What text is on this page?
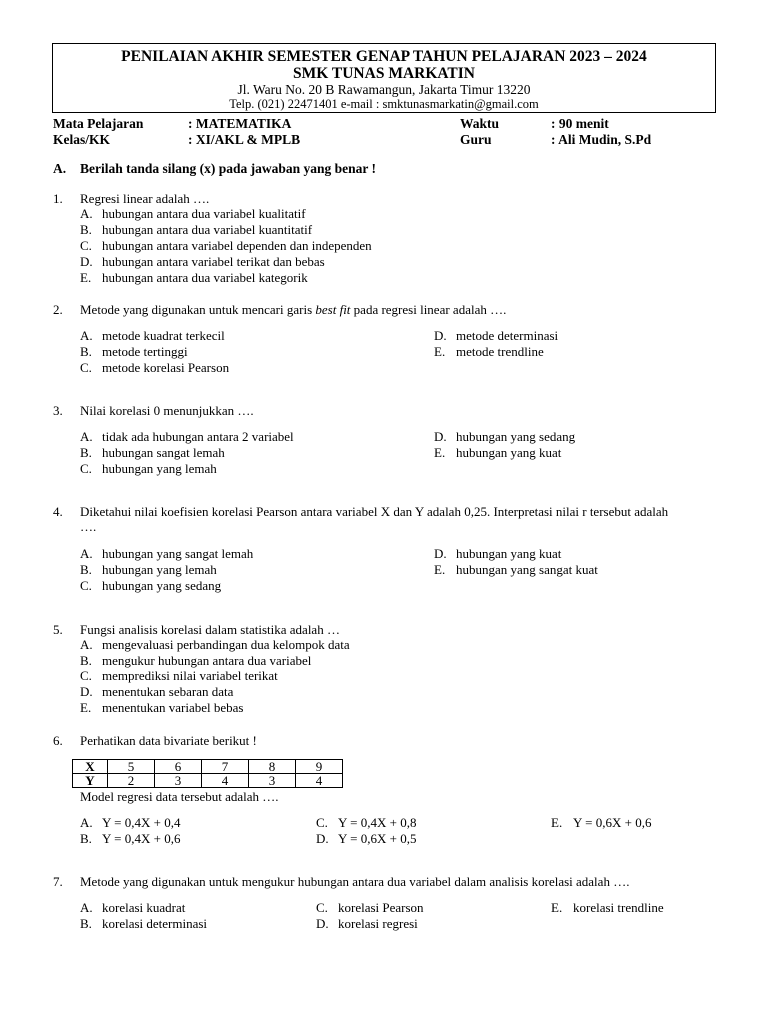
PENILAIAN AKHIR SEMESTER GENAP TAHUN PELAJARAN 2023 – 2024
SMK TUNAS MARKATIN
Jl. Waru No. 20 B Rawamangun, Jakarta Timur 13220
Telp. (021) 22471401 e-mail : smktunasmarkatin@gmail.com
Mata Pelajaran	: MATEMATIKA	Waktu	: 90 menit
Kelas/KK	: XI/AKL & MPLB	Guru	: Ali Mudin, S.Pd
A. Berilah tanda silang (x) pada jawaban yang benar !
1. Regresi linear adalah ….
A. hubungan antara dua variabel kualitatif
B. hubungan antara dua variabel kuantitatif
C. hubungan antara variabel dependen dan independen
D. hubungan antara variabel terikat dan bebas
E. hubungan antara dua variabel kategorik
2. Metode yang digunakan untuk mencari garis best fit pada regresi linear adalah ….
A. metode kuadrat terkecil
B. metode tertinggi
C. metode korelasi Pearson
D. metode determinasi
E. metode trendline
3. Nilai korelasi 0 menunjukkan ….
A. tidak ada hubungan antara 2 variabel
B. hubungan sangat lemah
C. hubungan yang lemah
D. hubungan yang sedang
E. hubungan yang kuat
4. Diketahui nilai koefisien korelasi Pearson antara variabel X dan Y adalah 0,25. Interpretasi nilai r tersebut adalah
….
A. hubungan yang sangat lemah
B. hubungan yang lemah
C. hubungan yang sedang
D. hubungan yang kuat
E. hubungan yang sangat kuat
5. Fungsi analisis korelasi dalam statistika adalah …
A. mengevaluasi perbandingan dua kelompok data
B. mengukur hubungan antara dua variabel
C. memprediksi nilai variabel terikat
D. menentukan sebaran data
E. menentukan variabel bebas
6. Perhatikan data bivariate berikut !
X	5	6	7	8	9
Y	2	3	4	3	4
Model regresi data tersebut adalah ….
A. Y = 0,4X + 0,4
B. Y = 0,4X + 0,6
C. Y = 0,4X + 0,8
D. Y = 0,6X + 0,5
E. Y = 0,6X + 0,6
7. Metode yang digunakan untuk mengukur hubungan antara dua variabel dalam analisis korelasi adalah ….
A. korelasi kuadrat
B. korelasi determinasi
C. korelasi Pearson
D. korelasi regresi
E. korelasi trendline
